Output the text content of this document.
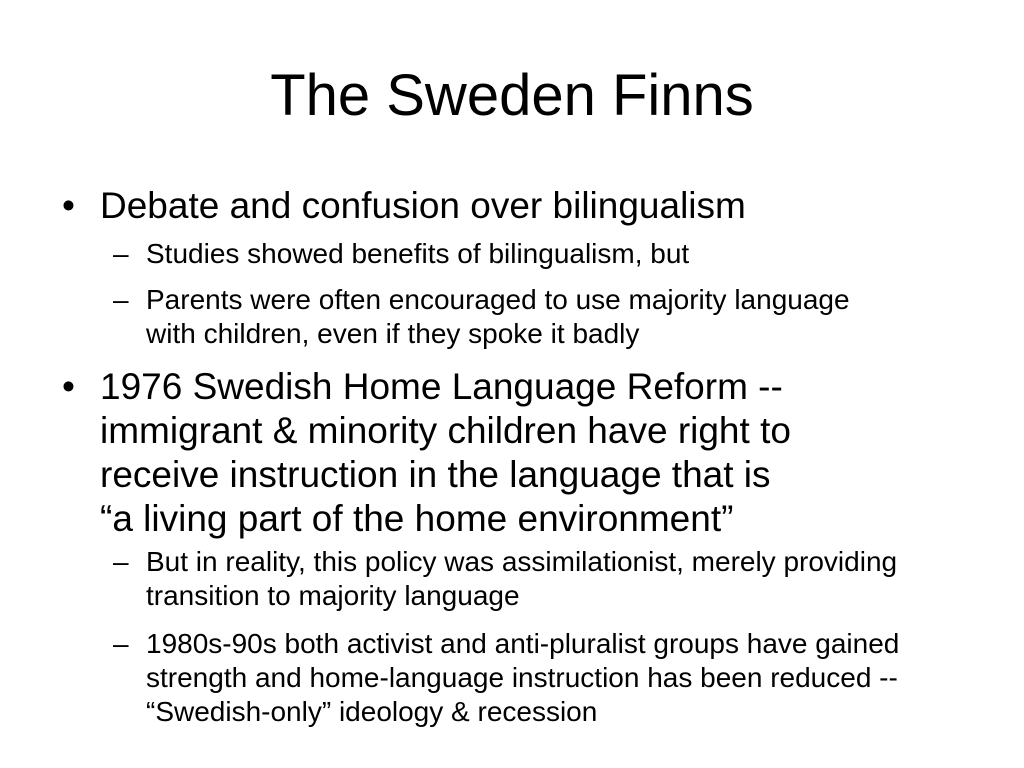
The Sweden Finns
• Debate and confusion over bilingualism
– Studies showed benefits of bilingualism, but
– Parents were often encouraged to use majority language with children, even if they spoke it badly
• 1976 Swedish Home Language Reform --
immigrant & minority children have right to
receive instruction in the language that is
“a living part of the home environment”
– But in reality, this policy was assimilationist, merely providing transition to majority language
– 1980s-90s both activist and anti-pluralist groups have gained strength and home-language instruction has been reduced -- “Swedish-only” ideology & recession
